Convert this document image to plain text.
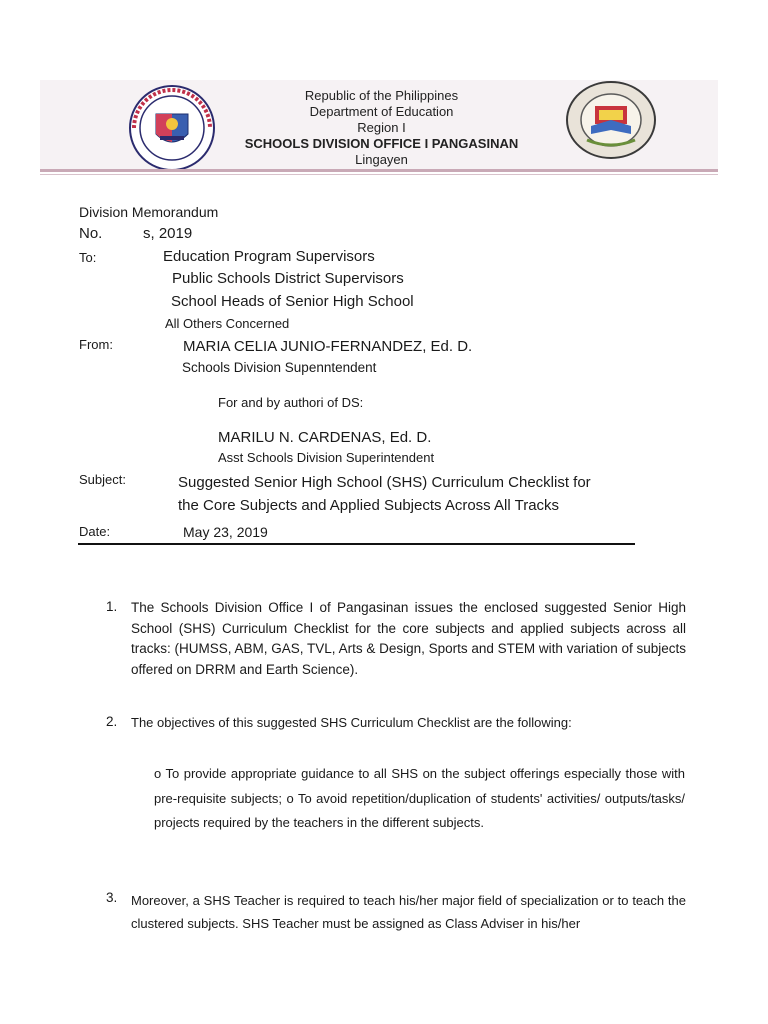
Republic of the Philippines
Department of Education
Region I
SCHOOLS DIVISION OFFICE I PANGASINAN
Lingayen
Division Memorandum
No.	s, 2019
To:	Education Program Supervisors
Public Schools District Supervisors
School Heads of Senior High School
All Others Concerned
From:	MARIA CELIA JUNIO-FERNANDEZ, Ed. D.
Schools Division Supenntendent
For and by authori of DS:
MARILU N. CARDENAS, Ed. D.
Asst Schools Division Superintendent
Subject:	Suggested Senior High School (SHS) Curriculum Checklist for
the Core Subjects and Applied Subjects Across All Tracks
Date:	May 23, 2019
1. The Schools Division Office I of Pangasinan issues the enclosed suggested Senior High School (SHS) Curriculum Checklist for the core subjects and applied subjects across all tracks: (HUMSS, ABM, GAS, TVL, Arts & Design, Sports and STEM with variation of subjects offered on DRRM and Earth Science).
2. The objectives of this suggested SHS Curriculum Checklist are the following:
o To provide appropriate guidance to all SHS on the subject offerings especially those with pre-requisite subjects; o To avoid repetition/duplication of students' activities/ outputs/tasks/ projects required by the teachers in the different subjects.
3. Moreover, a SHS Teacher is required to teach his/her major field of specialization or to teach the clustered subjects. SHS Teacher must be assigned as Class Adviser in his/her
